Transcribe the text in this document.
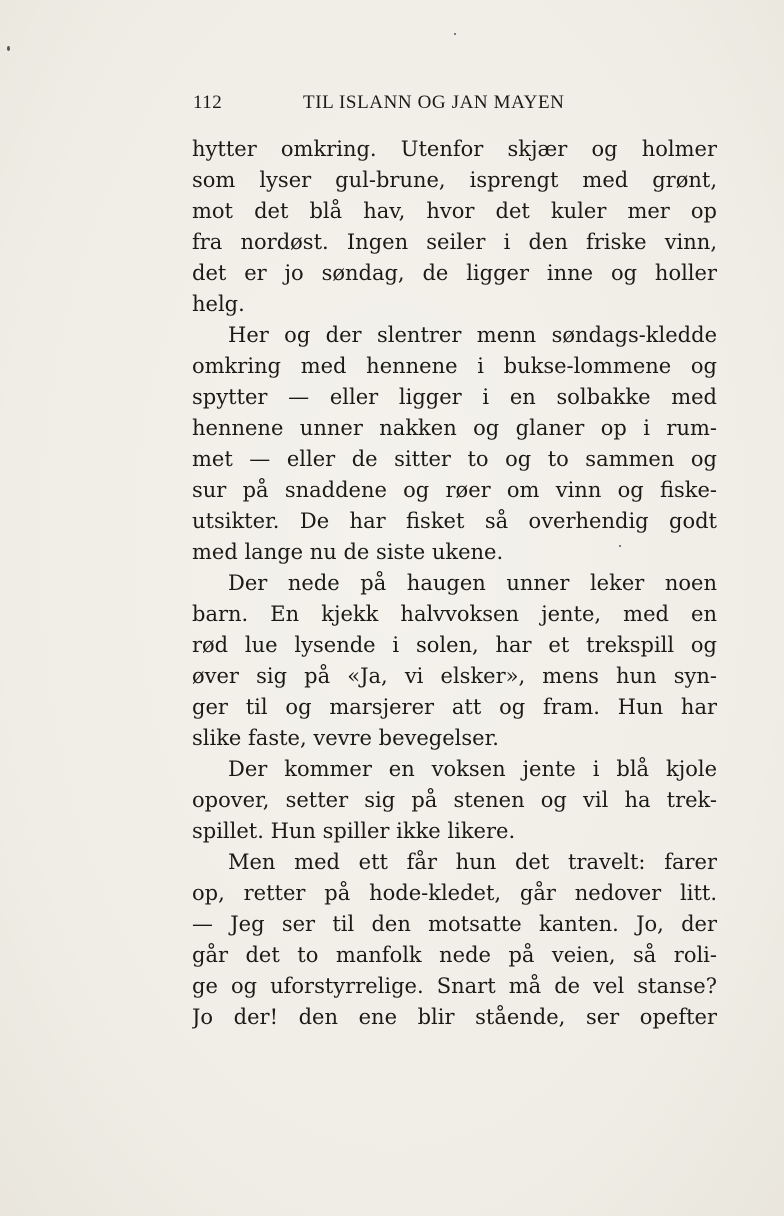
112	TIL ISLANN OG JAN MAYEN
hytter omkring. Utenfor skjær og holmer
som lyser gul-brune, isprengt med grønt,
mot det blå hav, hvor det kuler mer op
fra nordøst. Ingen seiler i den friske vinn,
det er jo søndag, de ligger inne og holler
helg.
Her og der slentrer menn søndags-kledde
omkring med hennene i bukse-lommene og
spytter — eller ligger i en solbakke med
hennene unner nakken og glaner op i rum-
met — eller de sitter to og to sammen og
sur på snaddene og røer om vinn og fiske-
utsikter. De har fisket så overhendig godt
med lange nu de siste ukene.
Der nede på haugen unner leker noen
barn. En kjekk halvvoksen jente, med en
rød lue lysende i solen, har et trekspill og
øver sig på «Ja, vi elsker», mens hun syn-
ger til og marsjerer att og fram. Hun har
slike faste, vevre bevegelser.
Der kommer en voksen jente i blå kjole
opover, setter sig på stenen og vil ha trek-
spillet. Hun spiller ikke likere.
Men med ett får hun det travelt: farer
op, retter på hode-kledet, går nedover litt.
— Jeg ser til den motsatte kanten. Jo, der
går det to manfolk nede på veien, så roli-
ge og uforstyrrelige. Snart må de vel stanse?
Jo der! den ene blir stående, ser opefter
